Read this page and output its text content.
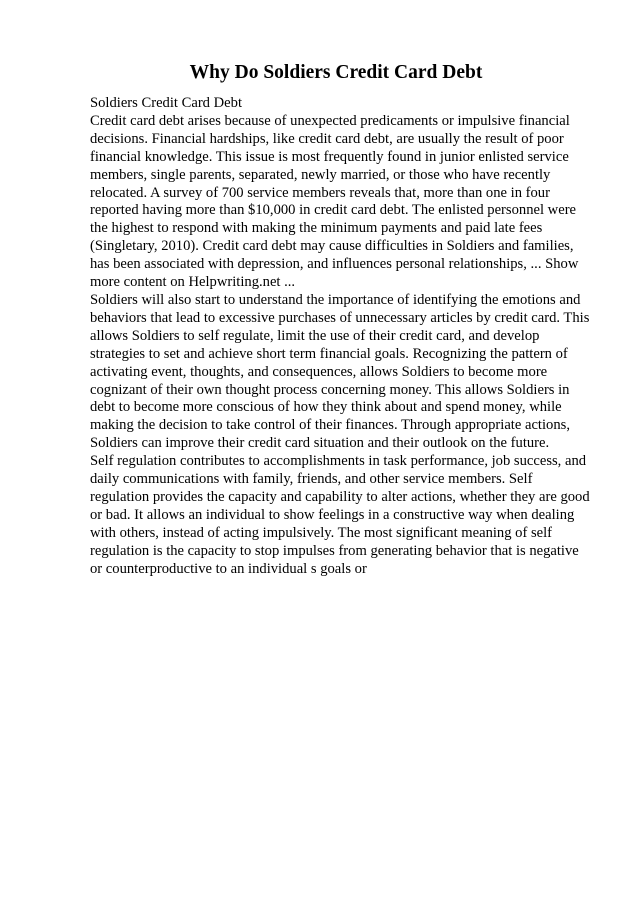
Why Do Soldiers Credit Card Debt

Soldiers Credit Card Debt

Credit card debt arises because of unexpected predicaments or impulsive financial decisions. Financial hardships, like credit card debt, are usually the result of poor financial knowledge. This issue is most frequently found in junior enlisted service members, single parents, separated, newly married, or those who have recently relocated. A survey of 700 service members reveals that, more than one in four reported having more than $10,000 in credit card debt. The enlisted personnel were the highest to respond with making the minimum payments and paid late fees (Singletary, 2010). Credit card debt may cause difficulties in Soldiers and families, has been associated with depression, and influences personal relationships, ... Show more content on Helpwriting.net ...

Soldiers will also start to understand the importance of identifying the emotions and behaviors that lead to excessive purchases of unnecessary articles by credit card. This allows Soldiers to self regulate, limit the use of their credit card, and develop strategies to set and achieve short term financial goals. Recognizing the pattern of activating event, thoughts, and consequences, allows Soldiers to become more cognizant of their own thought process concerning money. This allows Soldiers in debt to become more conscious of how they think about and spend money, while making the decision to take control of their finances. Through appropriate actions, Soldiers can improve their credit card situation and their outlook on the future.

Self regulation contributes to accomplishments in task performance, job success, and daily communications with family, friends, and other service members. Self regulation provides the capacity and capability to alter actions, whether they are good or bad. It allows an individual to show feelings in a constructive way when dealing with others, instead of acting impulsively. The most significant meaning of self regulation is the capacity to stop impulses from generating behavior that is negative or counterproductive to an individual s goals or
